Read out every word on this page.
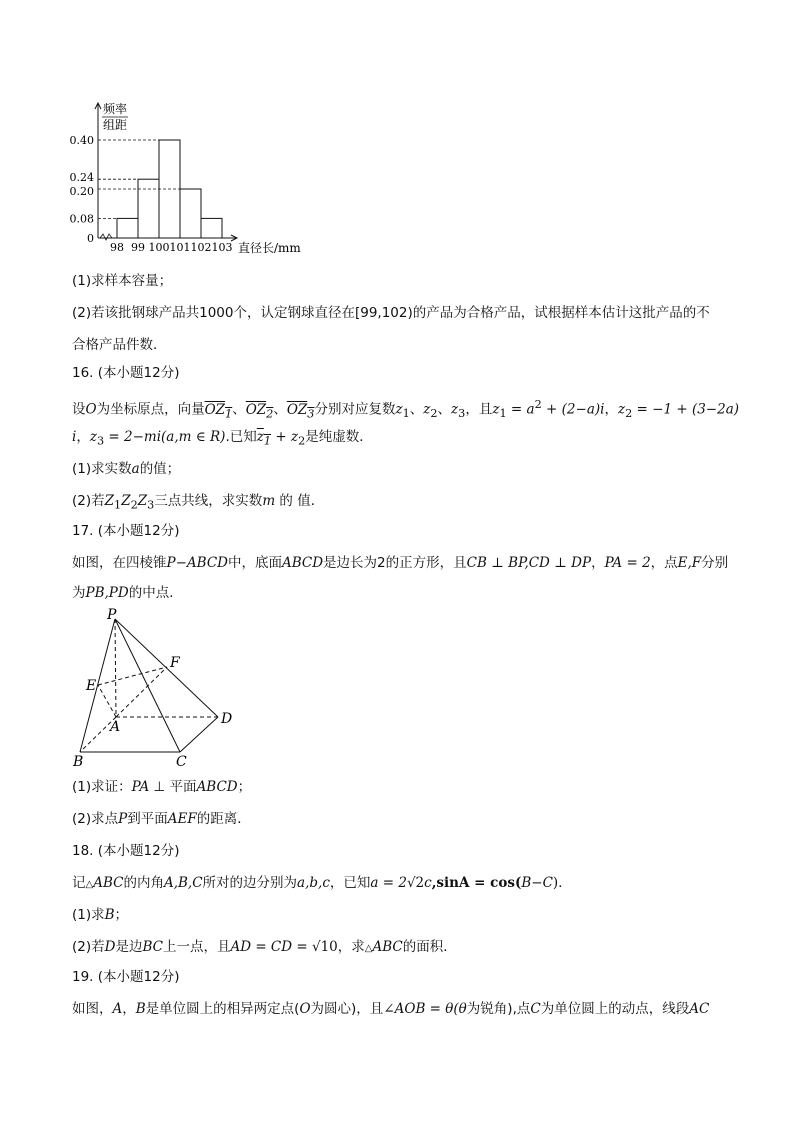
0.40
0.24
0.20
0.08
0
98 99 100 101 102 103
频率
组距
直径长/mm
(1)求样本容量；
(2)若该批钢球产品共1000个，认定钢球直径在[99,102)的产品为合格产品，试根据样本估计这批产品的不
合格产品件数．
16. (本小题12分)
设O为坐标原点，向量$OZ_1$、$OZ_2$、$OZ_3$分别对应复数$z_1$、$z_2$、$z_3$，且$z_1 = a^2 + (2-a)i$，$z_2 = -1 + (3-2a)$
i，$z_3 = 2-mi(a,m$ ∈ R).已知$z_1 + z_2$是纯虚数．
(1)求实数a的值；
(2)若$Z_1Z_2Z_3$三点共线，求实数m 的 值．
17. (本小题12分)
如图，在四棱锥P−ABCD中，底面ABCD是边长为2的正方形，且CB ⊥ BP,CD ⊥ DP，PA = 2，点E,F分别
为PB,PD的中点．
P
F
E
A	D
B	C
(1)求证：PA ⊥ 平面ABCD；
(2)求点P到平面AEF的距离．
18. (本小题12分)
记△ABC的内角A,B,C所对的边分别为a,b,c，已知a = 2√2c,sinA = cos(B−C)．
(1)求B；
(2)若D是边BC上一点，且AD = CD = √10，求△ABC的面积．
19. (本小题12分)
如图，A，B是单位圆上的相异两定点(O为圆心)，且∠AOB = θ(θ为锐角),点C为单位圆上的动点，线段AC
